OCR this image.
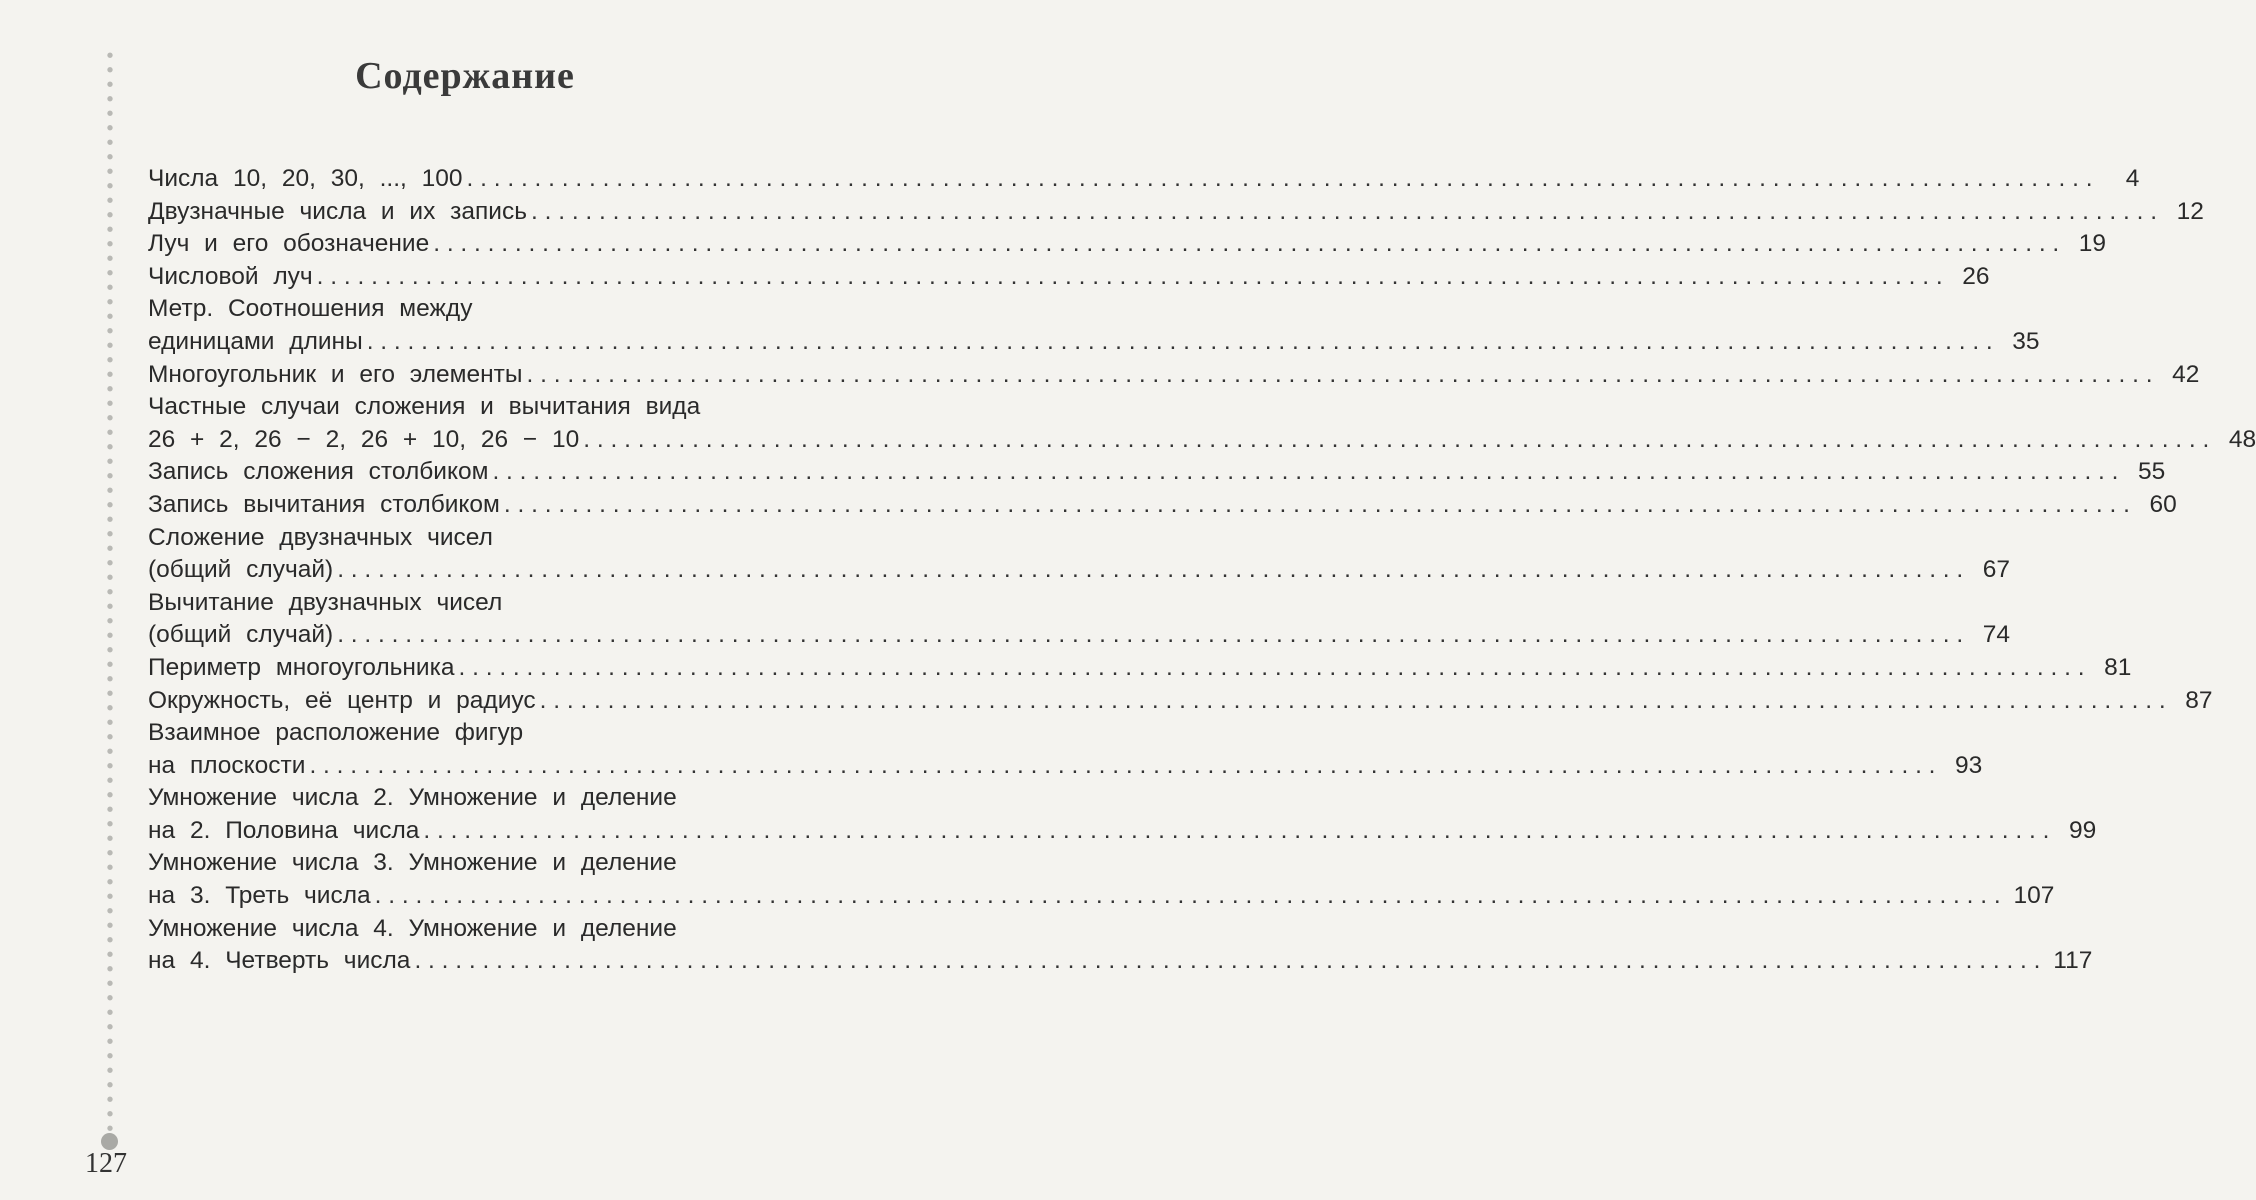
Содержание
Числа 10, 20, 30, ..., 100 ........................................................................................................................	4
Двузначные числа и их запись ........................................................................................................................ 12
Луч и его обозначение ........................................................................................................................ 19
Числовой луч ........................................................................................................................ 26
Метр. Соотношения между
единицами длины ........................................................................................................................ 35
Многоугольник и его элементы ........................................................................................................................ 42
Частные случаи сложения и вычитания вида
26 + 2, 26 − 2, 26 + 10, 26 − 10 ........................................................................................................................ 48
Запись сложения столбиком ........................................................................................................................ 55
Запись вычитания столбиком ........................................................................................................................ 60
Сложение двузначных чисел
(общий случай) ........................................................................................................................ 67
Вычитание двузначных чисел
(общий случай) ........................................................................................................................ 74
Периметр многоугольника ........................................................................................................................ 81
Окружность, её центр и радиус ........................................................................................................................ 87
Взаимное расположение фигур
на плоскости ........................................................................................................................ 93
Умножение числа 2. Умножение и деление
на 2. Половина числа ........................................................................................................................ 99
Умножение числа 3. Умножение и деление
на 3. Треть числа ........................................................................................................................ 107
Умножение числа 4. Умножение и деление
на 4. Четверть числа ........................................................................................................................ 117
127
